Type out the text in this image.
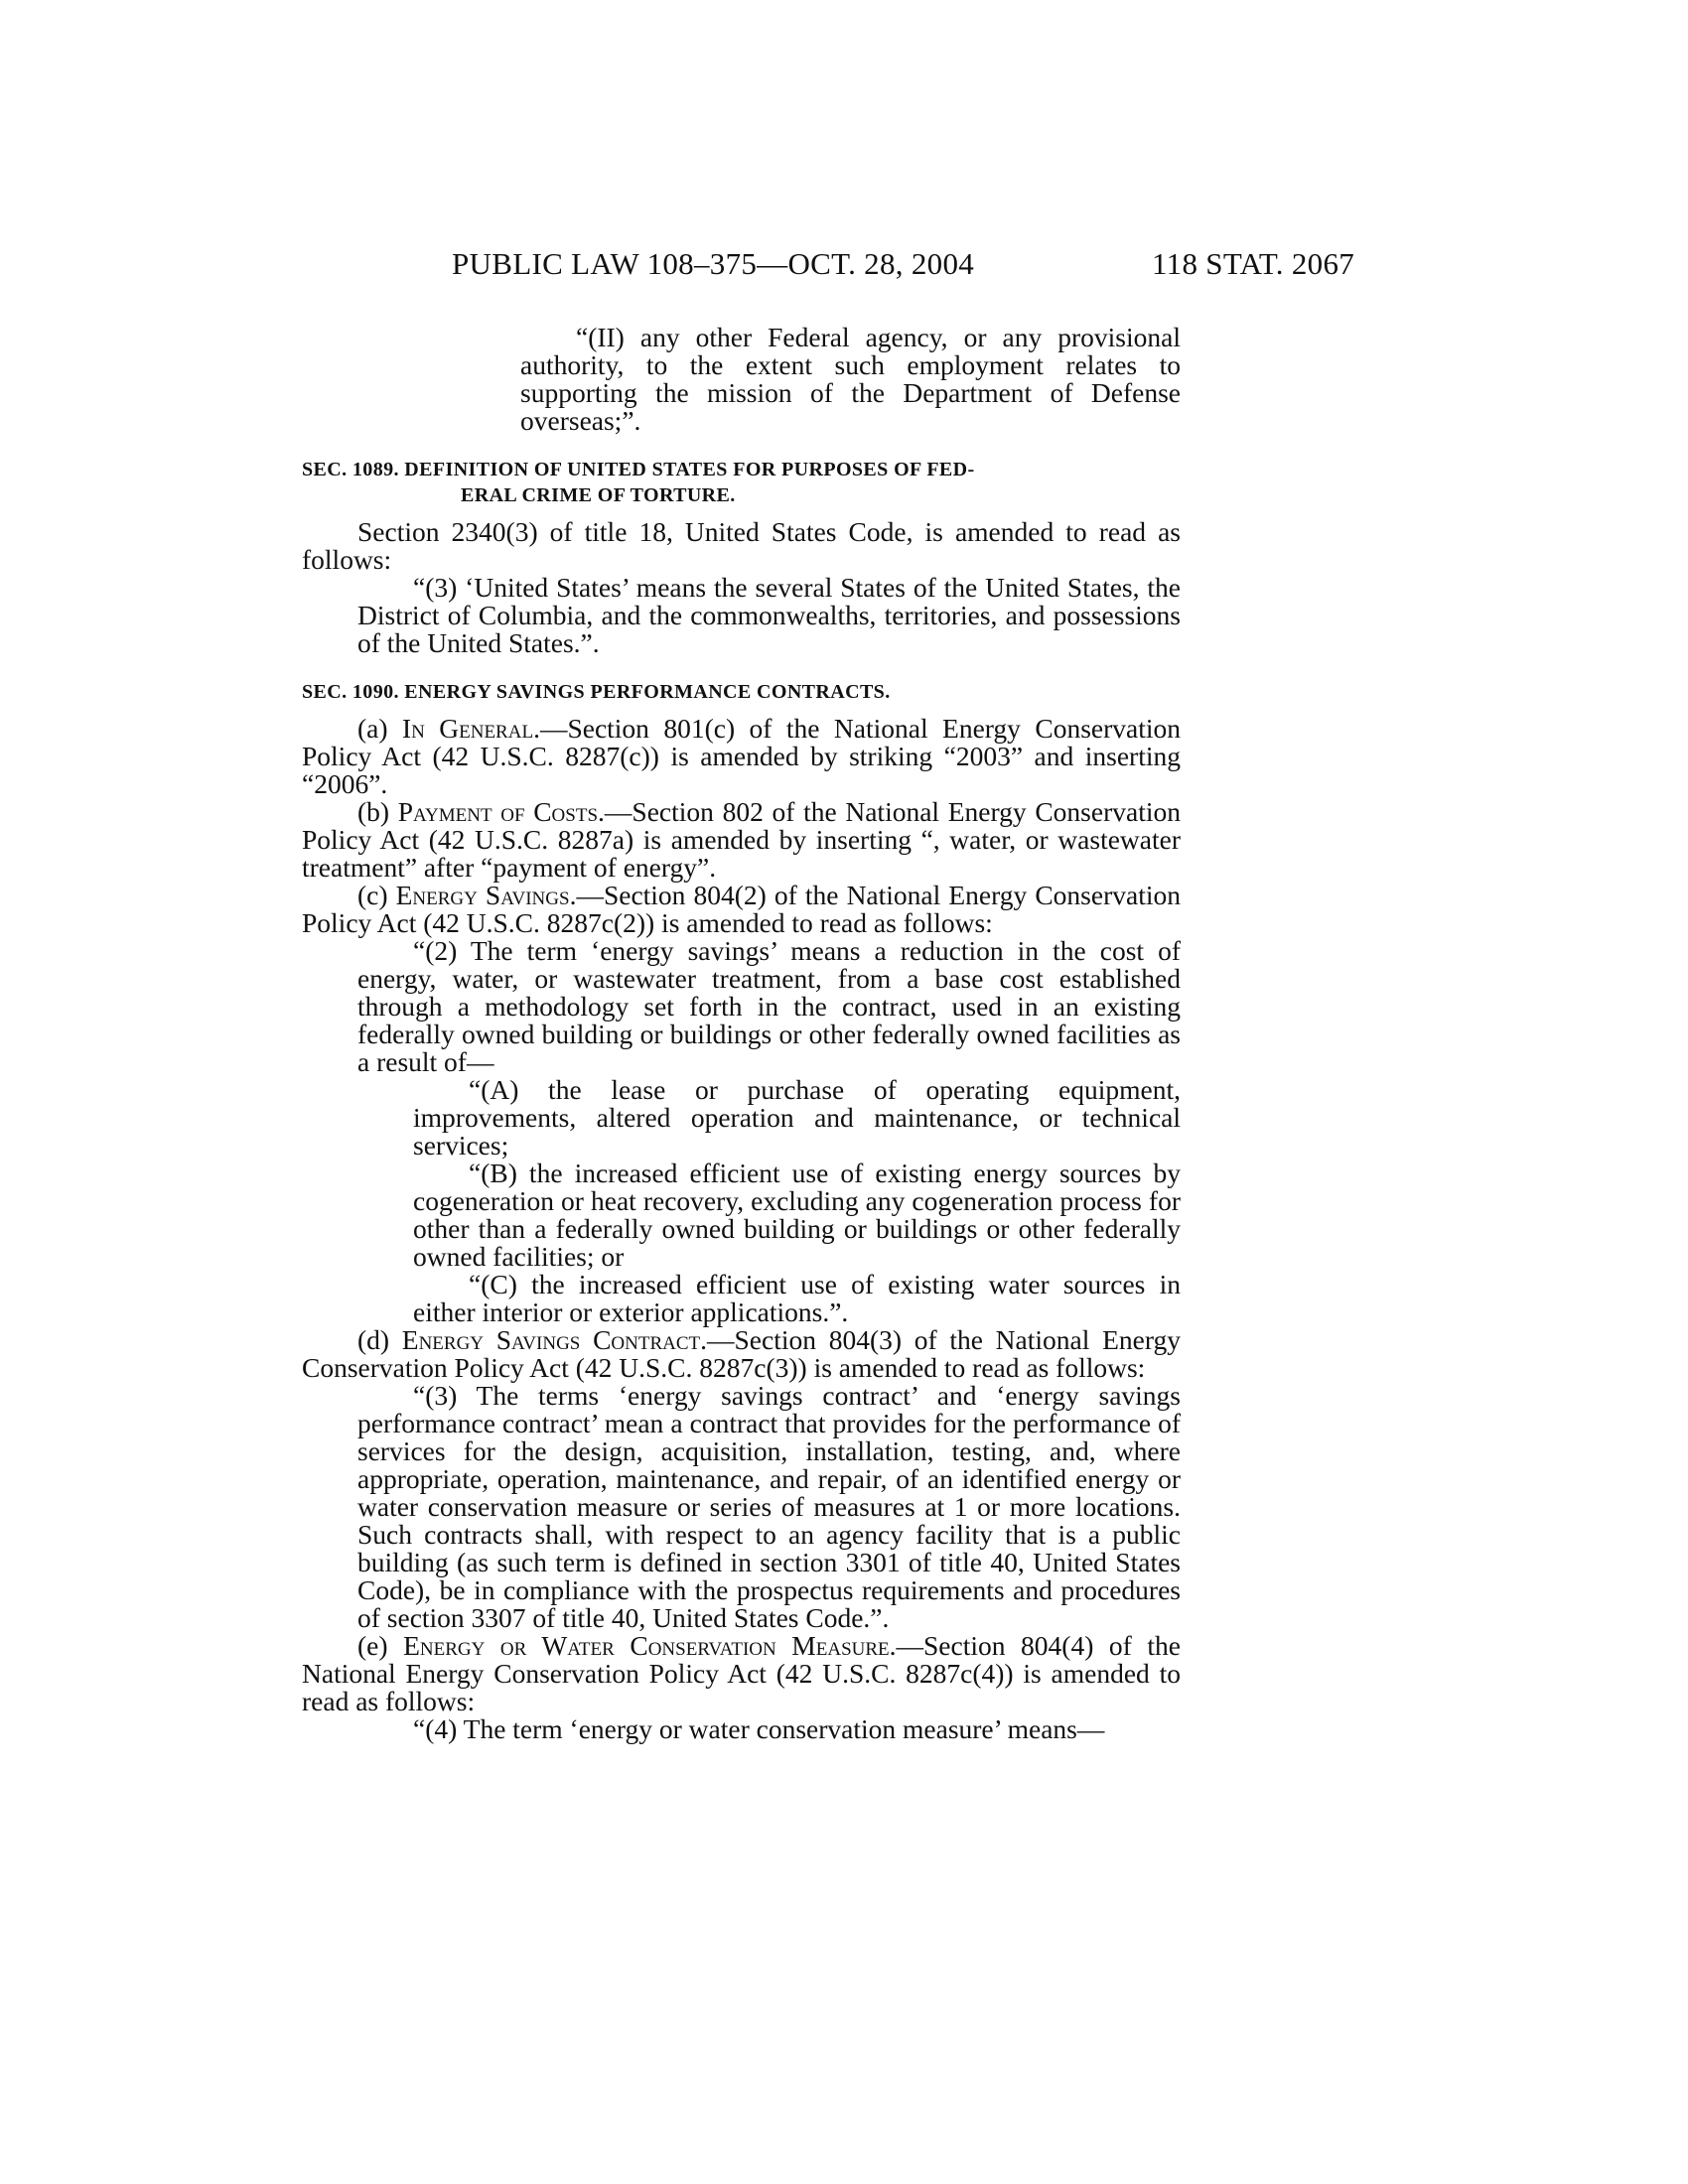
PUBLIC LAW 108–375—OCT. 28, 2004	118 STAT. 2067

“(II) any other Federal agency, or any provisional authority, to the extent such employment relates to supporting the mission of the Department of Defense overseas;”.

SEC. 1089. DEFINITION OF UNITED STATES FOR PURPOSES OF FED-
ERAL CRIME OF TORTURE.

Section 2340(3) of title 18, United States Code, is amended to read as follows:

“(3) ‘United States’ means the several States of the United States, the District of Columbia, and the commonwealths, territories, and possessions of the United States.”.

SEC. 1090. ENERGY SAVINGS PERFORMANCE CONTRACTS.

(a) In General.—Section 801(c) of the National Energy Conservation Policy Act (42 U.S.C. 8287(c)) is amended by striking “2003” and inserting “2006”.

(b) Payment of Costs.—Section 802 of the National Energy Conservation Policy Act (42 U.S.C. 8287a) is amended by inserting “, water, or wastewater treatment” after “payment of energy”.

(c) Energy Savings.—Section 804(2) of the National Energy Conservation Policy Act (42 U.S.C. 8287c(2)) is amended to read as follows:

“(2) The term ‘energy savings’ means a reduction in the cost of energy, water, or wastewater treatment, from a base cost established through a methodology set forth in the contract, used in an existing federally owned building or buildings or other federally owned facilities as a result of—

“(A) the lease or purchase of operating equipment, improvements, altered operation and maintenance, or technical services;

“(B) the increased efficient use of existing energy sources by cogeneration or heat recovery, excluding any cogeneration process for other than a federally owned building or buildings or other federally owned facilities; or

“(C) the increased efficient use of existing water sources in either interior or exterior applications.”.

(d) Energy Savings Contract.—Section 804(3) of the National Energy Conservation Policy Act (42 U.S.C. 8287c(3)) is amended to read as follows:

“(3) The terms ‘energy savings contract’ and ‘energy savings performance contract’ mean a contract that provides for the performance of services for the design, acquisition, installation, testing, and, where appropriate, operation, maintenance, and repair, of an identified energy or water conservation measure or series of measures at 1 or more locations. Such contracts shall, with respect to an agency facility that is a public building (as such term is defined in section 3301 of title 40, United States Code), be in compliance with the prospectus requirements and procedures of section 3307 of title 40, United States Code.”.

(e) Energy or Water Conservation Measure.—Section 804(4) of the National Energy Conservation Policy Act (42 U.S.C. 8287c(4)) is amended to read as follows:

“(4) The term ‘energy or water conservation measure’ means—
